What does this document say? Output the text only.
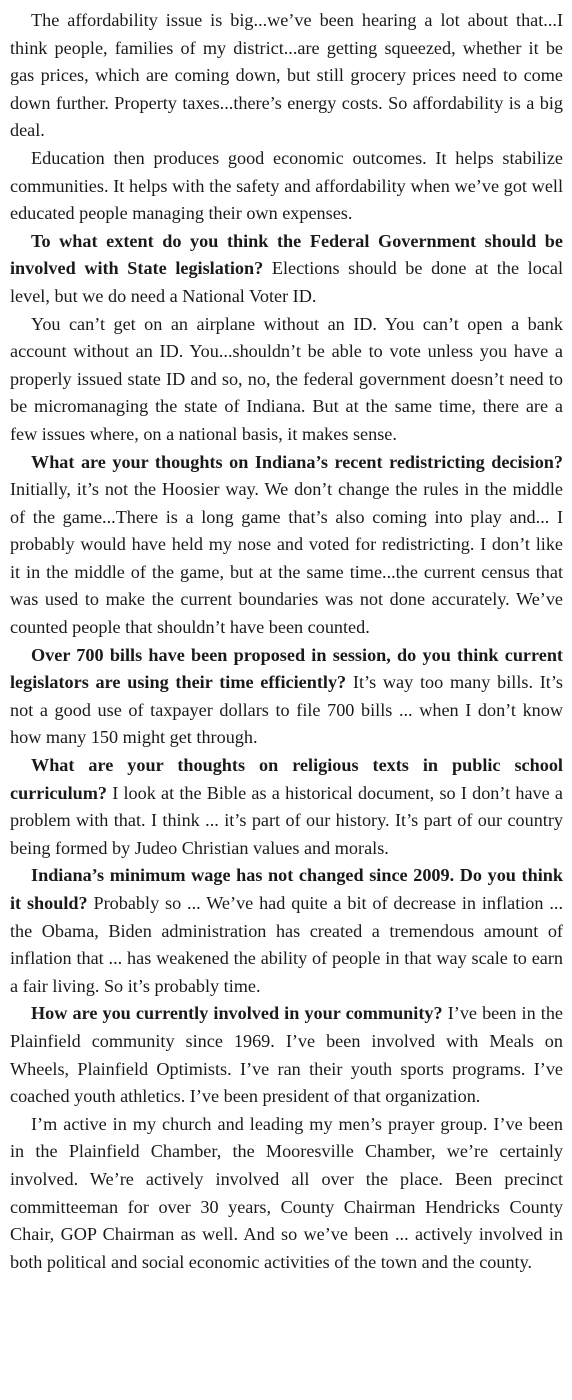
The affordability issue is big...we’ve been hearing a lot about that...I think people, families of my district...are getting squeezed, whether it be gas prices, which are coming down, but still grocery prices need to come down further. Property taxes...there’s energy costs. So affordability is a big deal.

Education then produces good economic outcomes. It helps stabilize communities. It helps with the safety and affordability when we’ve got well educated people managing their own expenses.

To what extent do you think the Federal Government should be involved with State legislation? Elections should be done at the local level, but we do need a National Voter ID.

You can’t get on an airplane without an ID. You can’t open a bank account without an ID. You...shouldn’t be able to vote unless you have a properly issued state ID and so, no, the federal government doesn’t need to be micromanaging the state of Indiana. But at the same time, there are a few issues where, on a national basis, it makes sense.

What are your thoughts on Indiana’s recent redistricting decision? Initially, it’s not the Hoosier way. We don’t change the rules in the middle of the game...There is a long game that’s also coming into play and... I probably would have held my nose and voted for redistricting. I don’t like it in the middle of the game, but at the same time...the current census that was used to make the current boundaries was not done accurately. We’ve counted people that shouldn’t have been counted.

Over 700 bills have been proposed in session, do you think current legislators are using their time efficiently? It’s way too many bills. It’s not a good use of taxpayer dollars to file 700 bills ... when I don’t know how many 150 might get through.

What are your thoughts on religious texts in public school curriculum? I look at the Bible as a historical document, so I don’t have a problem with that. I think ... it’s part of our history. It’s part of our country being formed by Judeo Christian values and morals.

Indiana’s minimum wage has not changed since 2009. Do you think it should? Probably so ... We’ve had quite a bit of decrease in inflation ... the Obama, Biden administration has created a tremendous amount of inflation that ... has weakened the ability of people in that way scale to earn a fair living. So it’s probably time.

How are you currently involved in your community? I’ve been in the Plainfield community since 1969. I’ve been involved with Meals on Wheels, Plainfield Optimists. I’ve ran their youth sports programs. I’ve coached youth athletics. I’ve been president of that organization.

I’m active in my church and leading my men’s prayer group. I’ve been in the Plainfield Chamber, the Mooresville Chamber, we’re certainly involved. We’re actively involved all over the place. Been precinct committeeman for over 30 years, County Chairman Hendricks County Chair, GOP Chairman as well. And so we’ve been ... actively involved in both political and social economic activities of the town and the county.
